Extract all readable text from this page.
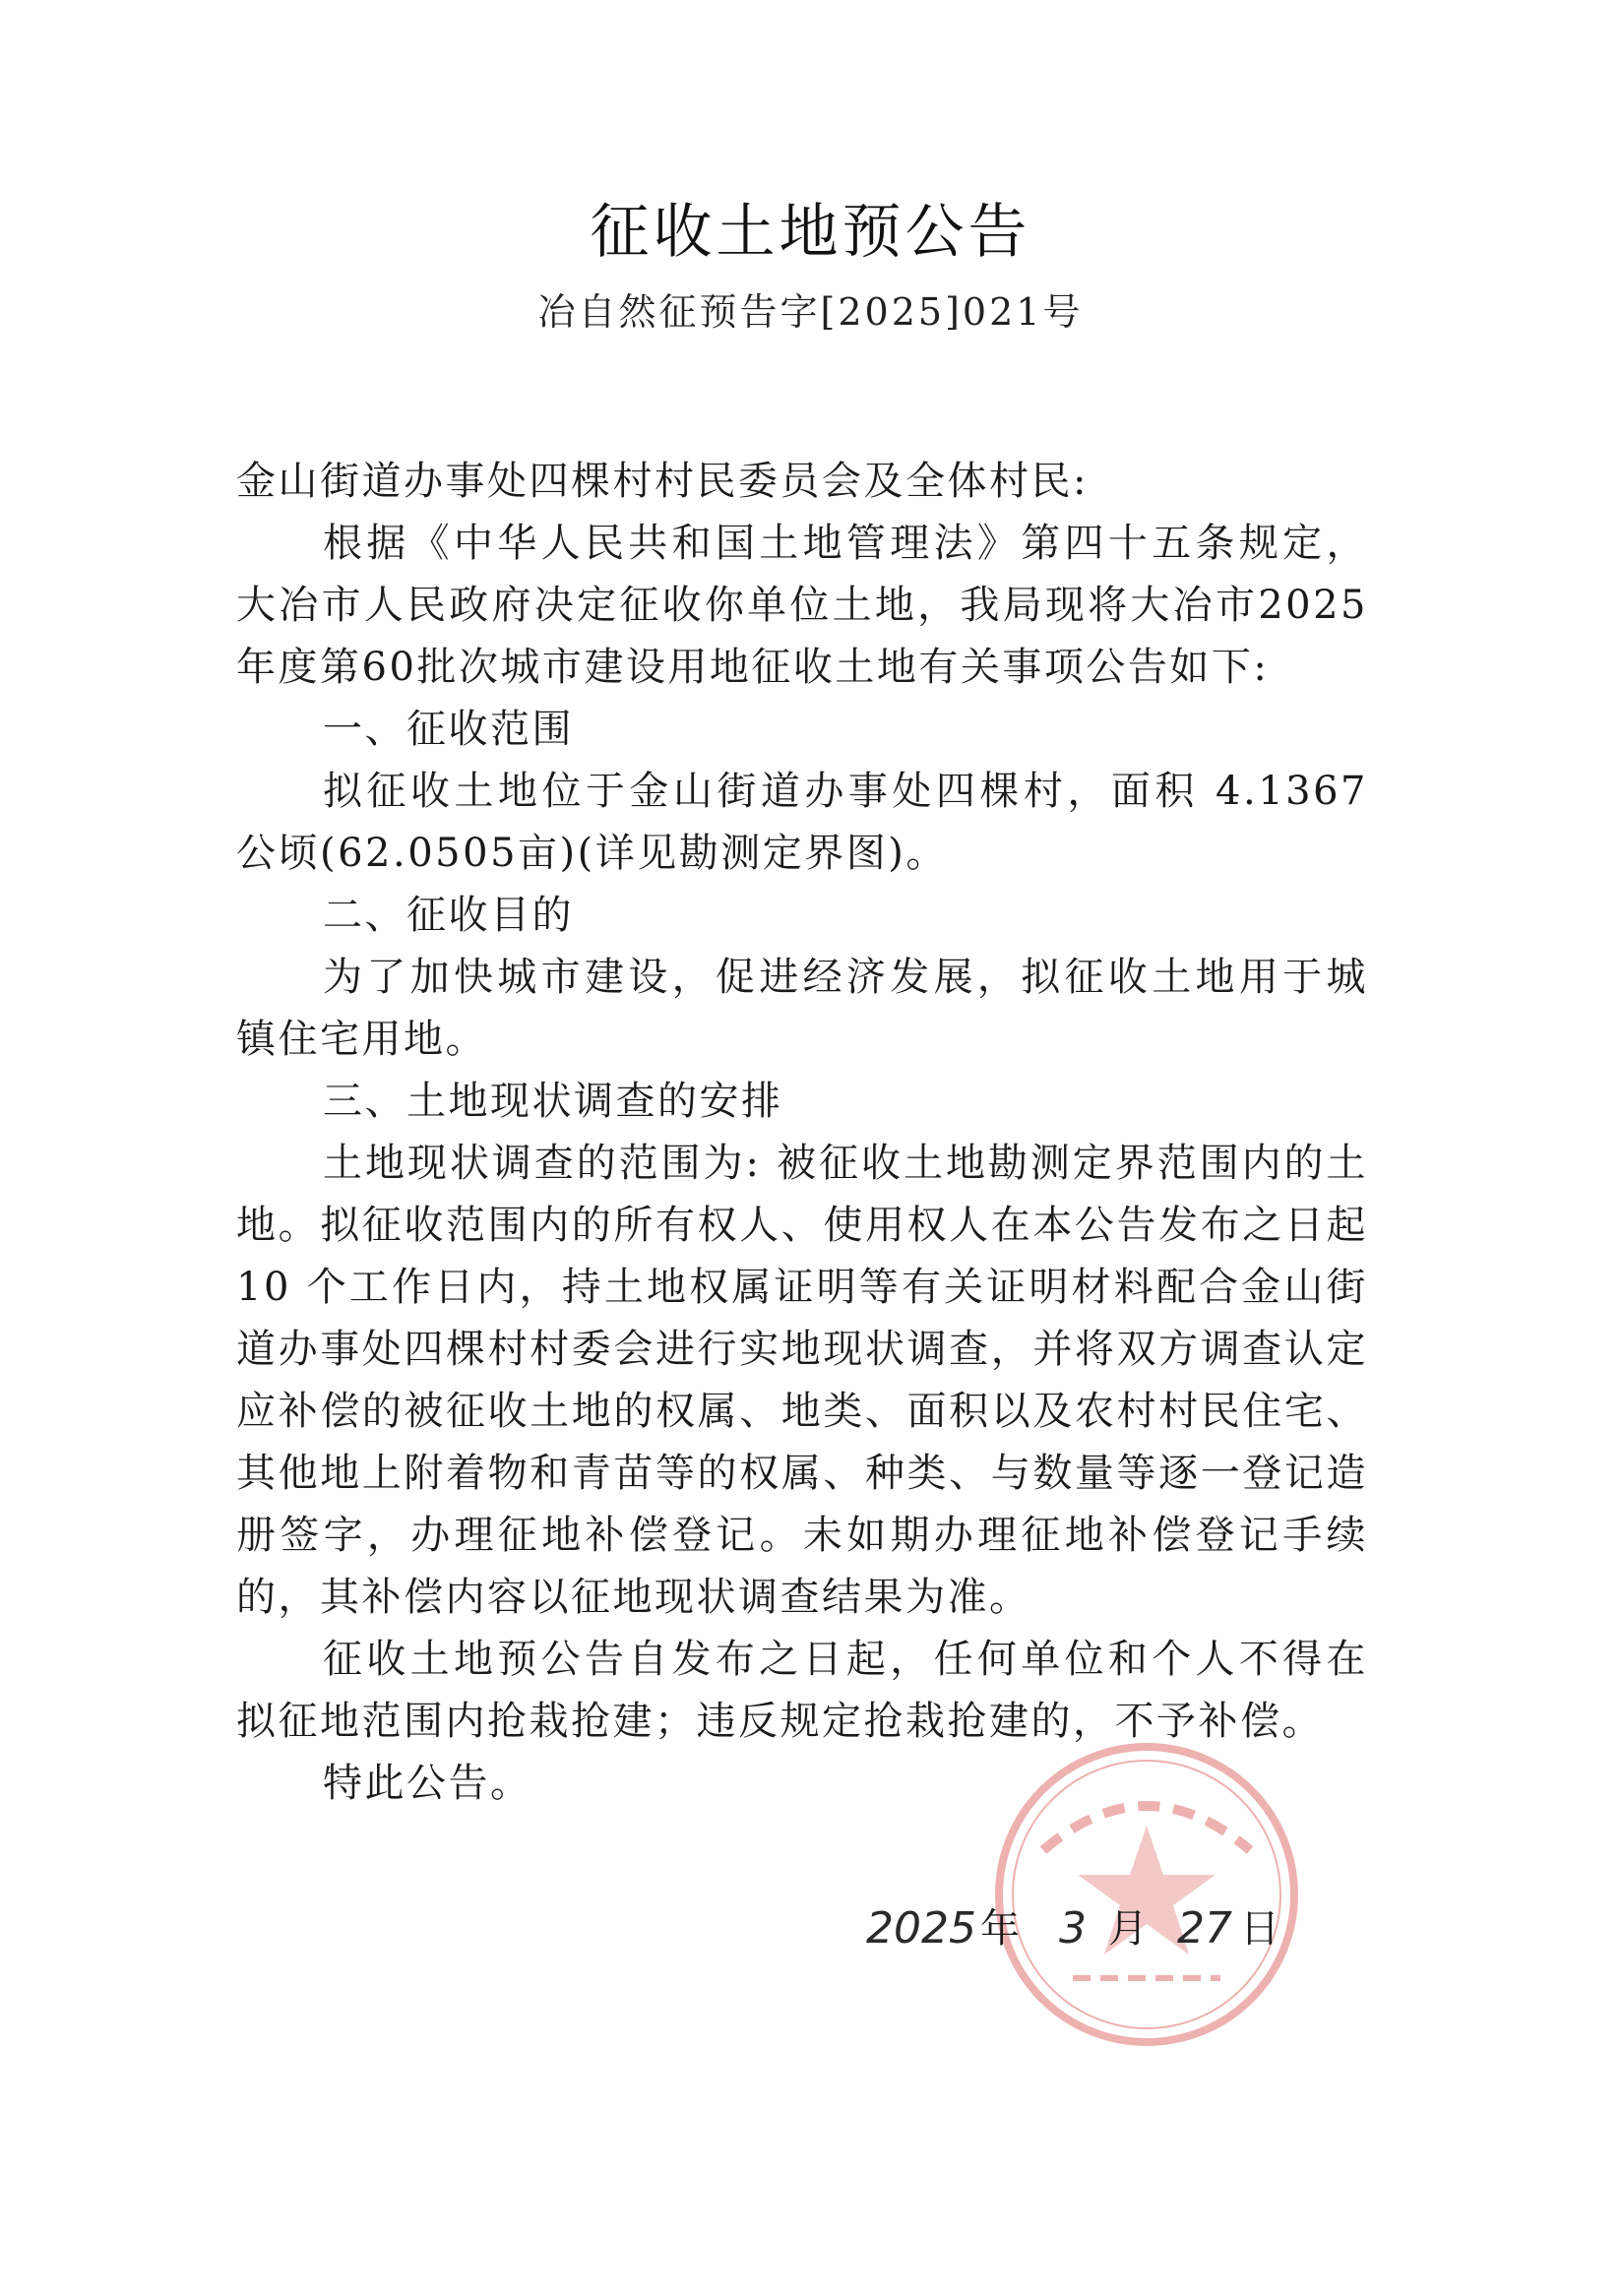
征收土地预公告
冶自然征预告字[2025]021号

金山街道办事处四棵村村民委员会及全体村民:

根据《中华人民共和国土地管理法》第四十五条规定，大冶市人民政府决定征收你单位土地，我局现将大冶市2025年度第60批次城市建设用地征收土地有关事项公告如下:

一、征收范围

拟征收土地位于金山街道办事处四棵村，面积 4.1367公顷(62.0505亩)(详见勘测定界图)。

二、征收目的

为了加快城市建设，促进经济发展，拟征收土地用于城镇住宅用地。

三、土地现状调查的安排

土地现状调查的范围为: 被征收土地勘测定界范围内的土地。拟征收范围内的所有权人、使用权人在本公告发布之日起 10 个工作日内，持土地权属证明等有关证明材料配合金山街道办事处四棵村村委会进行实地现状调查，并将双方调查认定应补偿的被征收土地的权属、地类、面积以及农村村民住宅、其他地上附着物和青苗等的权属、种类、与数量等逐一登记造册签字，办理征地补偿登记。未如期办理征地补偿登记手续的，其补偿内容以征地现状调查结果为准。

征收土地预公告自发布之日起，任何单位和个人不得在拟征地范围内抢栽抢建；违反规定抢栽抢建的，不予补偿。

特此公告。

2025 年 3 月 27 日
